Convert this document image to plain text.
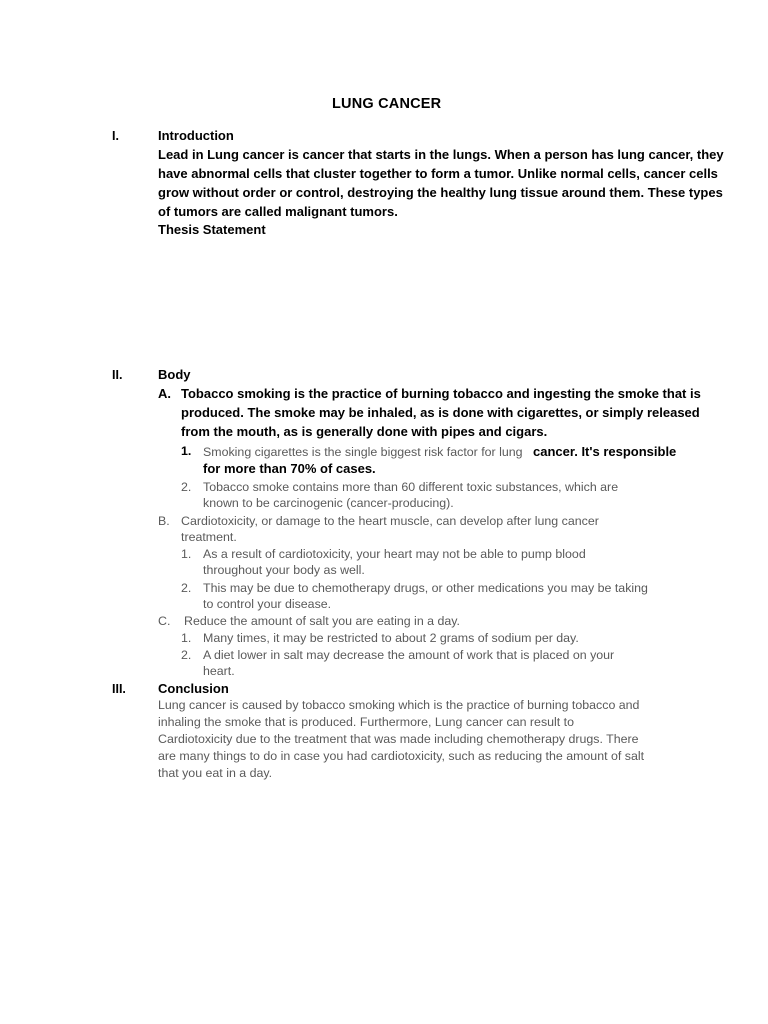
LUNG CANCER
I.	Introduction
Lead in Lung cancer is cancer that starts in the lungs. When a person has lung cancer, they
have abnormal cells that cluster together to form a tumor. Unlike normal cells, cancer cells
grow without order or control, destroying the healthy lung tissue around them. These types
of tumors are called malignant tumors.
Thesis Statement
II.	Body
A. Tobacco smoking is the practice of burning tobacco and ingesting the smoke that is
produced. The smoke may be inhaled, as is done with cigarettes, or simply released
from the mouth, as is generally done with pipes and cigars.
1. Smoking cigarettes is the single biggest risk factor for lung cancer. It's responsible
for more than 70% of cases.
2. Tobacco smoke contains more than 60 different toxic substances, which are
known to be carcinogenic (cancer-producing).
B. Cardiotoxicity, or damage to the heart muscle, can develop after lung cancer
treatment.
1. As a result of cardiotoxicity, your heart may not be able to pump blood
throughout your body as well.
2. This may be due to chemotherapy drugs, or other medications you may be taking
to control your disease.
C. Reduce the amount of salt you are eating in a day.
1. Many times, it may be restricted to about 2 grams of sodium per day.
2. A diet lower in salt may decrease the amount of work that is placed on your
heart.
III. Conclusion
Lung cancer is caused by tobacco smoking which is the practice of burning tobacco and
inhaling the smoke that is produced. Furthermore, Lung cancer can result to
Cardiotoxicity due to the treatment that was made including chemotherapy drugs. There
are many things to do in case you had cardiotoxicity, such as reducing the amount of salt
that you eat in a day.
